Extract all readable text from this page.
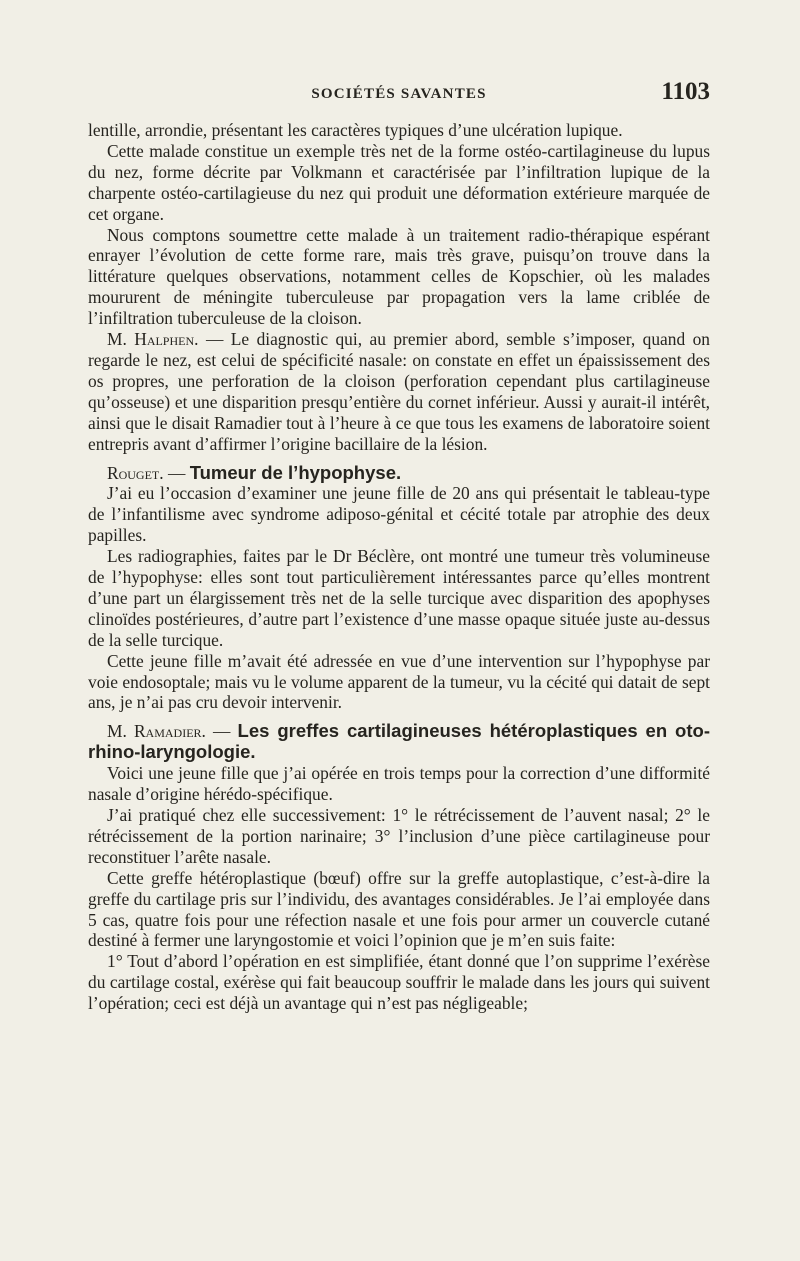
SOCIÉTÉS SAVANTES	1103

lentille, arrondie, présentant les caractères typiques d’une ulcération lupique.

Cette malade constitue un exemple très net de la forme ostéo-cartilagineuse du lupus du nez, forme décrite par Volkmann et caractérisée par l’infiltration lupique de la charpente ostéo-cartilagieuse du nez qui produit une déformation extérieure marquée de cet organe.

Nous comptons soumettre cette malade à un traitement radio-thérapique espérant enrayer l’évolution de cette forme rare, mais très grave, puisqu’on trouve dans la littérature quelques observations, notamment celles de Kopschier, où les malades moururent de méningite tuberculeuse par propagation vers la lame criblée de l’infiltration tuberculeuse de la cloison.

M. Halphen. — Le diagnostic qui, au premier abord, semble s’imposer, quand on regarde le nez, est celui de spécificité nasale: on constate en effet un épaississement des os propres, une perforation de la cloison (perforation cependant plus cartilagineuse qu’osseuse) et une disparition presqu’entière du cornet inférieur. Aussi y aurait-il intérêt, ainsi que le disait Ramadier tout à l’heure à ce que tous les examens de laboratoire soient entrepris avant d’affirmer l’origine bacillaire de la lésion.

Rouget. — Tumeur de l’hypophyse.

J’ai eu l’occasion d’examiner une jeune fille de 20 ans qui présentait le tableau-type de l’infantilisme avec syndrome adiposo-génital et cécité totale par atrophie des deux papilles.

Les radiographies, faites par le Dr Béclère, ont montré une tumeur très volumineuse de l’hypophyse: elles sont tout particulièrement intéressantes parce qu’elles montrent d’une part un élargissement très net de la selle turcique avec disparition des apophyses clinoïdes postérieures, d’autre part l’existence d’une masse opaque située juste au-dessus de la selle turcique.

Cette jeune fille m’avait été adressée en vue d’une intervention sur l’hypophyse par voie endosoptale; mais vu le volume apparent de la tumeur, vu la cécité qui datait de sept ans, je n’ai pas cru devoir intervenir.

M. Ramadier. — Les greffes cartilagineuses hétéroplastiques en oto-rhino-laryngologie.

Voici une jeune fille que j’ai opérée en trois temps pour la correction d’une difformité nasale d’origine hérédo-spécifique.

J’ai pratiqué chez elle successivement: 1° le rétrécissement de l’auvent nasal; 2° le rétrécissement de la portion narinaire; 3° l’inclusion d’une pièce cartilagineuse pour reconstituer l’arête nasale.

Cette greffe hétéroplastique (bœuf) offre sur la greffe autoplastique, c’est-à-dire la greffe du cartilage pris sur l’individu, des avantages considérables. Je l’ai employée dans 5 cas, quatre fois pour une réfection nasale et une fois pour armer un couvercle cutané destiné à fermer une laryngostomie et voici l’opinion que je m’en suis faite:

1° Tout d’abord l’opération en est simplifiée, étant donné que l’on supprime l’exérèse du cartilage costal, exérèse qui fait beaucoup souffrir le malade dans les jours qui suivent l’opération; ceci est déjà un avantage qui n’est pas négligeable;
